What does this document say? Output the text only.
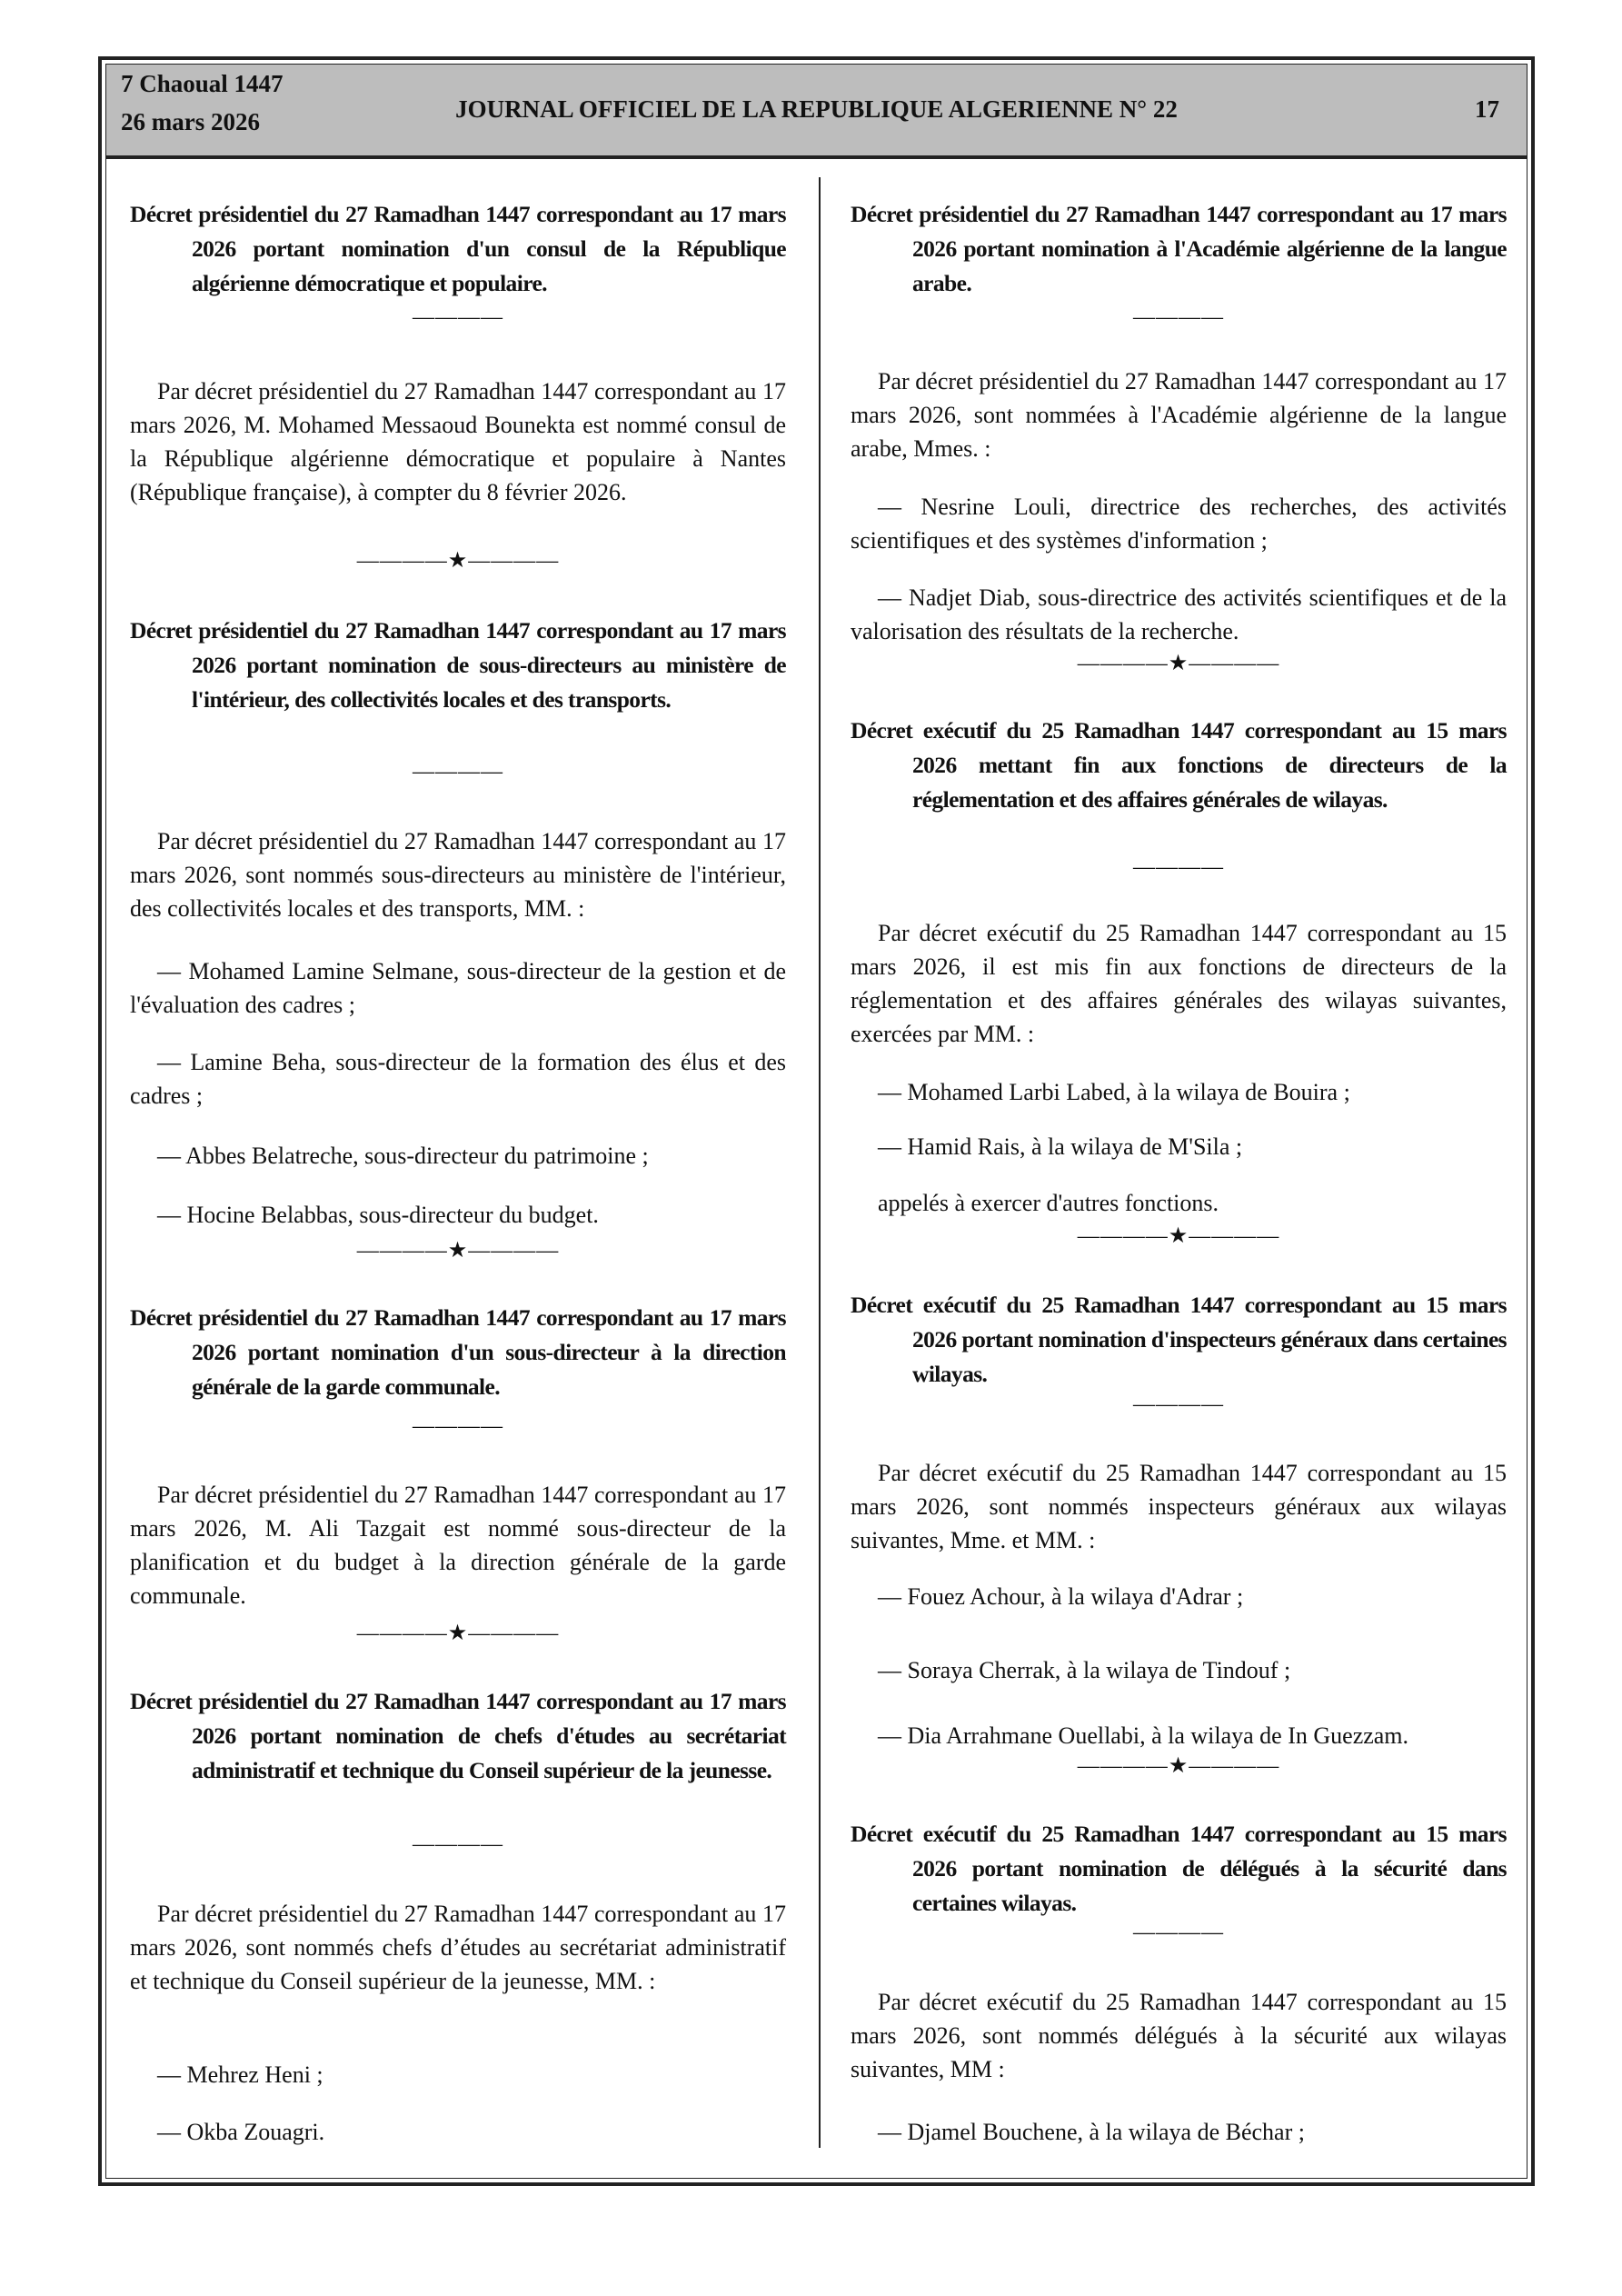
7 Chaoual 1447
26 mars 2026	JOURNAL OFFICIEL DE LA REPUBLIQUE ALGERIENNE N° 22	17
Décret présidentiel du 27 Ramadhan 1447 correspondant au 17 mars 2026 portant nomination d'un consul de la République algérienne démocratique et populaire.
————
Par décret présidentiel du 27 Ramadhan 1447 correspondant au 17 mars 2026, M. Mohamed Messaoud Bounekta est nommé consul de la République algérienne démocratique et populaire à Nantes (République française), à compter du 8 février 2026.
————★————
Décret présidentiel du 27 Ramadhan 1447 correspondant au 17 mars 2026 portant nomination de sous-directeurs au ministère de l'intérieur, des collectivités locales et des transports.
————
Par décret présidentiel du 27 Ramadhan 1447 correspondant au 17 mars 2026, sont nommés sous-directeurs au ministère de l'intérieur, des collectivités locales et des transports, MM. :
— Mohamed Lamine Selmane, sous-directeur de la gestion et de l'évaluation des cadres ;
— Lamine Beha, sous-directeur de la formation des élus et des cadres ;
— Abbes Belatreche, sous-directeur du patrimoine ;
— Hocine Belabbas, sous-directeur du budget.
————★————
Décret présidentiel du 27 Ramadhan 1447 correspondant au 17 mars 2026 portant nomination d'un sous-directeur à la direction générale de la garde communale.
————
Par décret présidentiel du 27 Ramadhan 1447 correspondant au 17 mars 2026, M. Ali Tazgait est nommé sous-directeur de la planification et du budget à la direction générale de la garde communale.
————★————
Décret présidentiel du 27 Ramadhan 1447 correspondant au 17 mars 2026 portant nomination de chefs d'études au secrétariat administratif et technique du Conseil supérieur de la jeunesse.
————
Par décret présidentiel du 27 Ramadhan 1447 correspondant au 17 mars 2026, sont nommés chefs d’études au secrétariat administratif et technique du Conseil supérieur de la jeunesse, MM. :
— Mehrez Heni ;
— Okba Zouagri.
Décret présidentiel du 27 Ramadhan 1447 correspondant au 17 mars 2026 portant nomination à l'Académie algérienne de la langue arabe.
————
Par décret présidentiel du 27 Ramadhan 1447 correspondant au 17 mars 2026, sont nommées à l'Académie algérienne de la langue arabe, Mmes. :
— Nesrine Louli, directrice des recherches, des activités scientifiques et des systèmes d'information ;
— Nadjet Diab, sous-directrice des activités scientifiques et de la valorisation des résultats de la recherche.
————★————
Décret exécutif du 25 Ramadhan 1447 correspondant au 15 mars 2026 mettant fin aux fonctions de directeurs de la réglementation et des affaires générales de wilayas.
————
Par décret exécutif du 25 Ramadhan 1447 correspondant au 15 mars 2026, il est mis fin aux fonctions de directeurs de la réglementation et des affaires générales des wilayas suivantes, exercées par MM. :
— Mohamed Larbi Labed, à la wilaya de Bouira ;
— Hamid Rais, à la wilaya de M'Sila ;
appelés à exercer d'autres fonctions.
————★————
Décret exécutif du 25 Ramadhan 1447 correspondant au 15 mars 2026 portant nomination d'inspecteurs généraux dans certaines wilayas.
————
Par décret exécutif du 25 Ramadhan 1447 correspondant au 15 mars 2026, sont nommés inspecteurs généraux aux wilayas suivantes, Mme. et MM. :
— Fouez Achour, à la wilaya d'Adrar ;
— Soraya Cherrak, à la wilaya de Tindouf ;
— Dia Arrahmane Ouellabi, à la wilaya de In Guezzam.
————★————
Décret exécutif du 25 Ramadhan 1447 correspondant au 15 mars 2026 portant nomination de délégués à la sécurité dans certaines wilayas.
————
Par décret exécutif du 25 Ramadhan 1447 correspondant au 15 mars 2026, sont nommés délégués à la sécurité aux wilayas suivantes, MM :
— Djamel Bouchene, à la wilaya de Béchar ;
